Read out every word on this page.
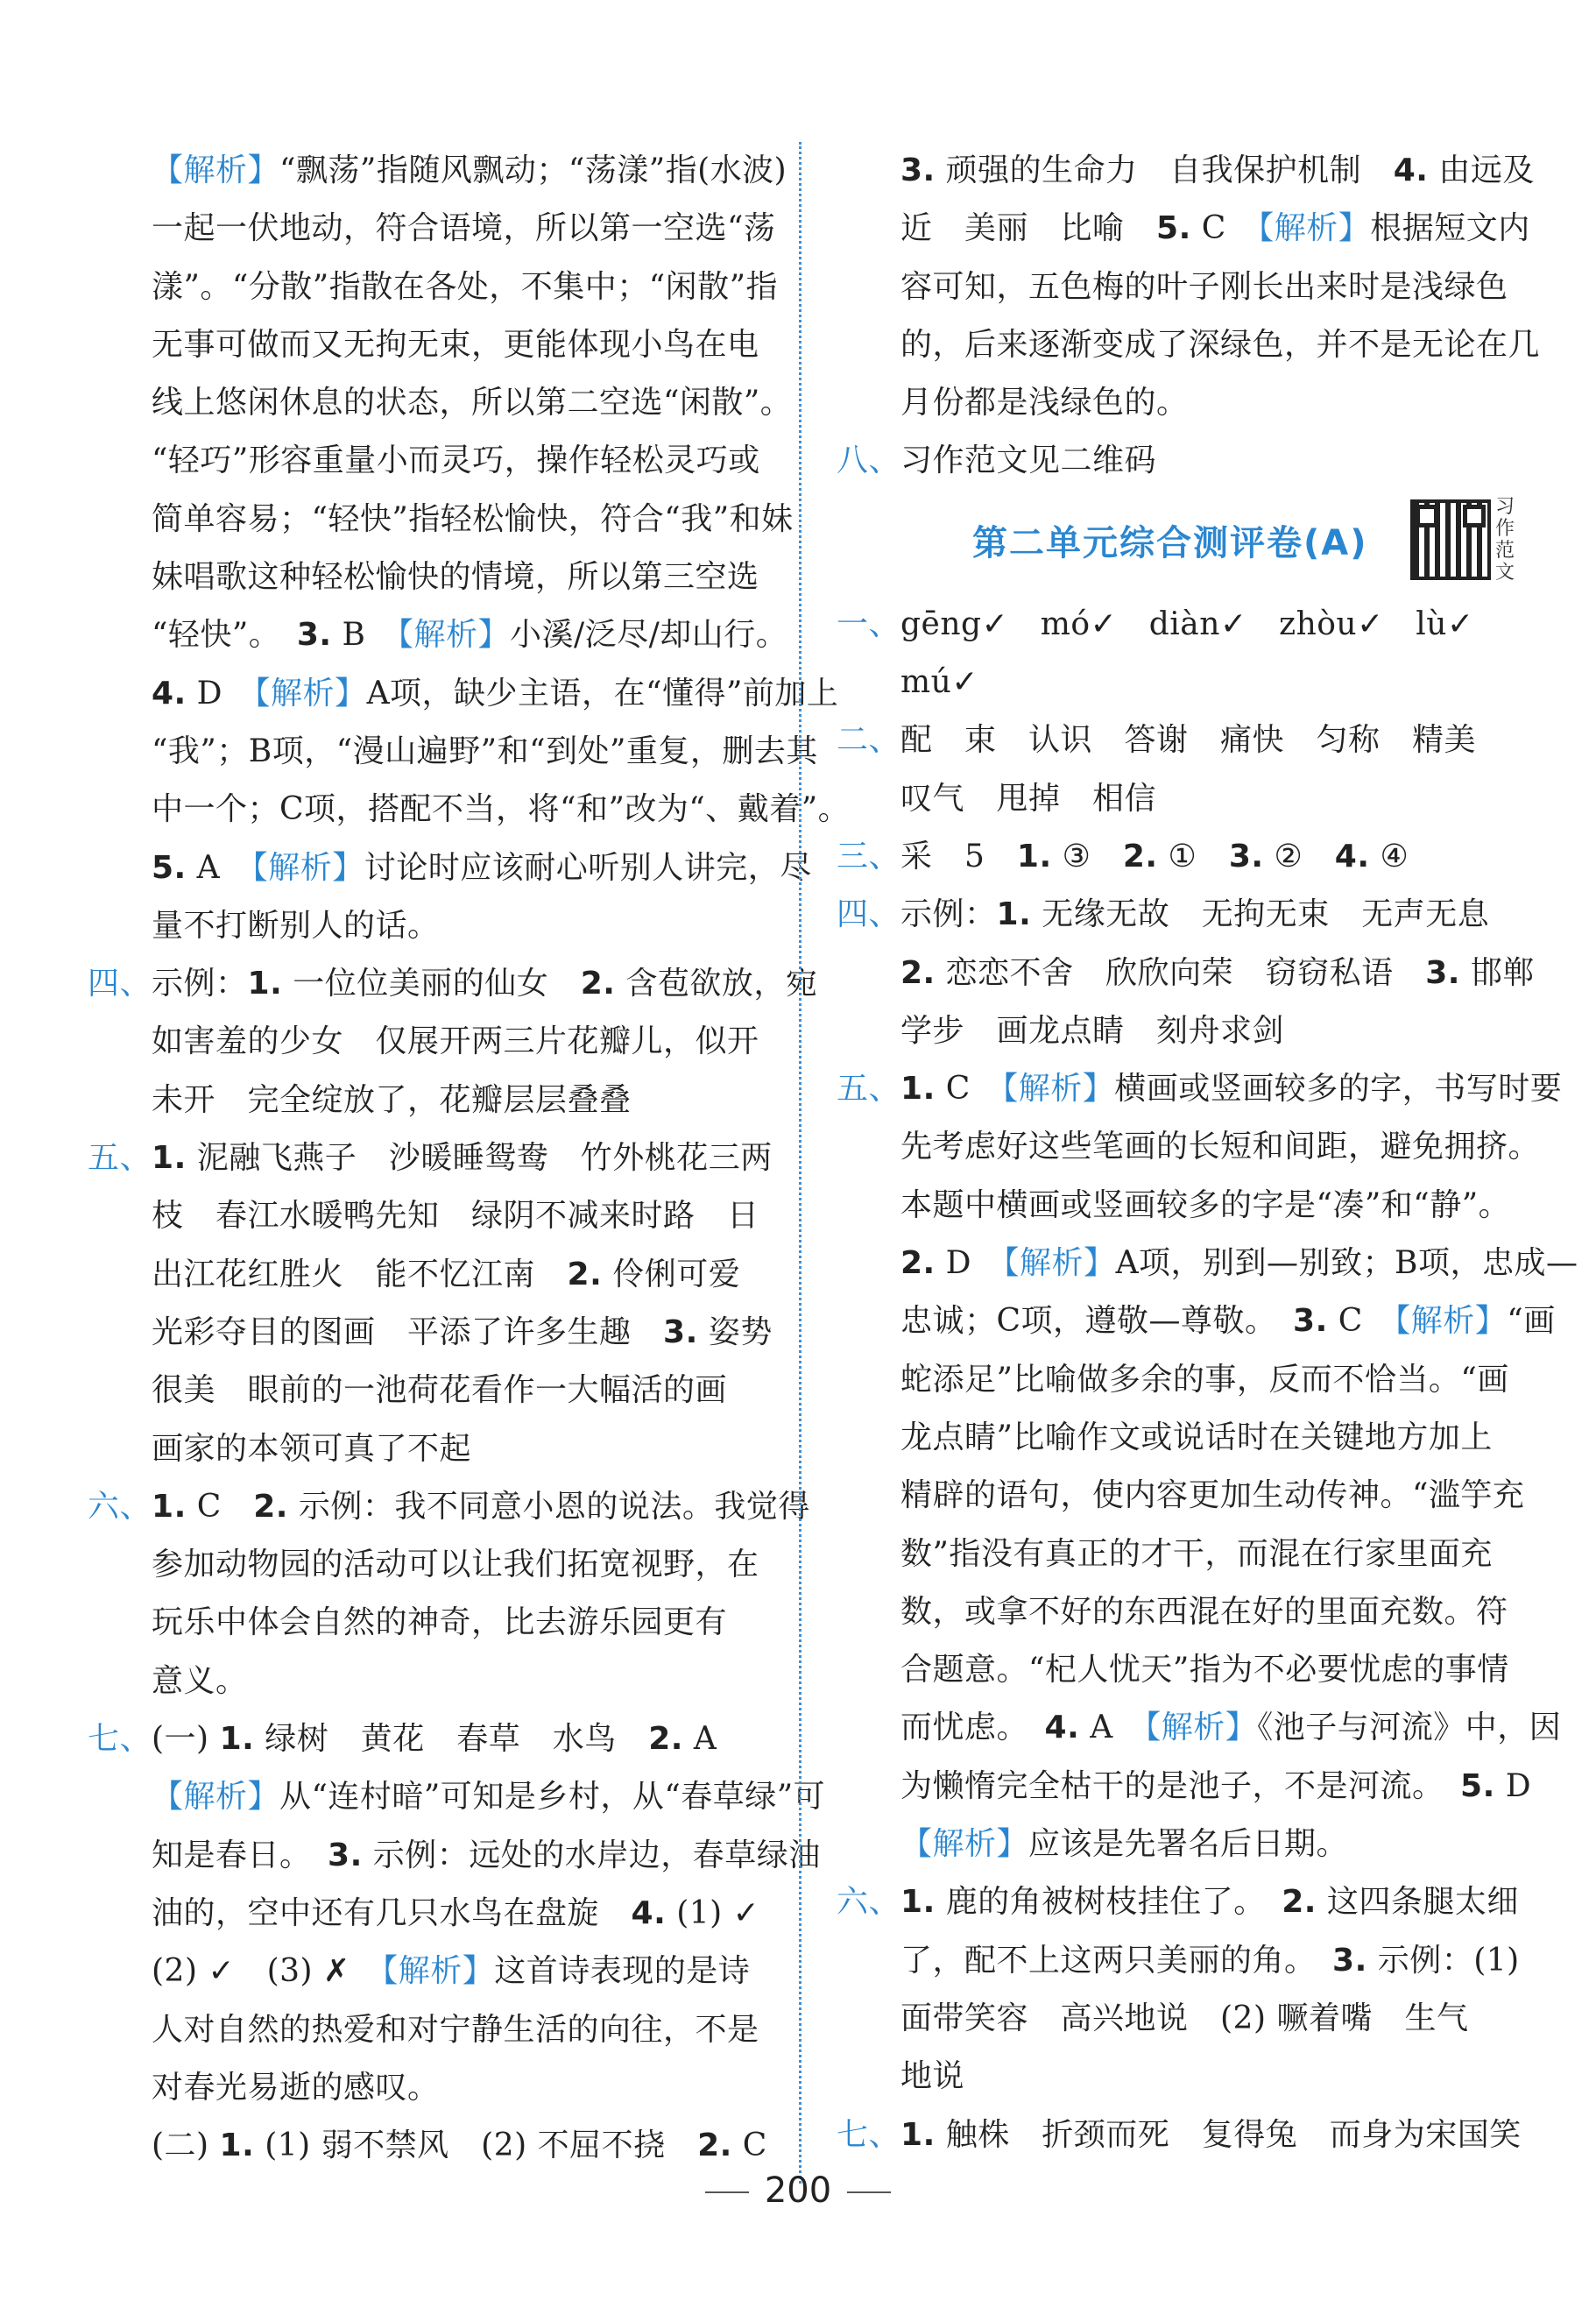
【解析】“飘荡”指随风飘动；“荡漾”指(水波)
一起一伏地动，符合语境，所以第一空选“荡
漾”。“分散”指散在各处，不集中；“闲散”指
无事可做而又无拘无束，更能体现小鸟在电
线上悠闲休息的状态，所以第二空选“闲散”。
“轻巧”形容重量小而灵巧，操作轻松灵巧或
简单容易；“轻快”指轻松愉快，符合“我”和妹
妹唱歌这种轻松愉快的情境，所以第三空选
“轻快”。　3. B　【解析】小溪/泛尽/却山行。
4. D　【解析】A项，缺少主语，在“懂得”前加上
“我”；B项，“漫山遍野”和“到处”重复，删去其
中一个；C项，搭配不当，将“和”改为“、戴着”。
5. A　【解析】讨论时应该耐心听别人讲完，尽
量不打断别人的话。
四、示例：1. 一位位美丽的仙女　2. 含苞欲放，宛
如害羞的少女　仅展开两三片花瓣儿，似开
未开　完全绽放了，花瓣层层叠叠
五、1. 泥融飞燕子　沙暖睡鸳鸯　竹外桃花三两
枝　春江水暖鸭先知　绿阴不减来时路　日
出江花红胜火　能不忆江南　2. 伶俐可爱
光彩夺目的图画　平添了许多生趣　3. 姿势
很美　眼前的一池荷花看作一大幅活的画
画家的本领可真了不起
六、1. C　2. 示例：我不同意小恩的说法。我觉得
参加动物园的活动可以让我们拓宽视野，在
玩乐中体会自然的神奇，比去游乐园更有
意义。
七、(一) 1. 绿树　黄花　春草　水鸟　2. A
【解析】从“连村暗”可知是乡村，从“春草绿”可
知是春日。　3. 示例：远处的水岸边，春草绿油
油的，空中还有几只水鸟在盘旋　4. (1) ✓
(2) ✓　(3) ✗　【解析】这首诗表现的是诗
人对自然的热爱和对宁静生活的向往，不是
对春光易逝的感叹。
(二) 1. (1) 弱不禁风　(2) 不屈不挠　2. C
3. 顽强的生命力　自我保护机制　4. 由远及
近　美丽　比喻　5. C　【解析】根据短文内
容可知，五色梅的叶子刚长出来时是浅绿色
的，后来逐渐变成了深绿色，并不是无论在几
月份都是浅绿色的。
八、习作范文见二维码
第二单元综合测评卷(A)
习作范文
一、gēng✓　mó✓　diàn✓　zhòu✓　lù✓
mú✓
二、配　束　认识　答谢　痛快　匀称　精美
叹气　甩掉　相信
三、采　5　1. ③　2. ①　3. ②　4. ④
四、示例：1. 无缘无故　无拘无束　无声无息
2. 恋恋不舍　欣欣向荣　窃窃私语　3. 邯郸
学步　画龙点睛　刻舟求剑
五、1. C　【解析】横画或竖画较多的字，书写时要
先考虑好这些笔画的长短和间距，避免拥挤。
本题中横画或竖画较多的字是“凑”和“静”。
2. D　【解析】A项，别到—别致；B项，忠成—
忠诚；C项，遵敬—尊敬。　3. C　【解析】“画
蛇添足”比喻做多余的事，反而不恰当。“画
龙点睛”比喻作文或说话时在关键地方加上
精辟的语句，使内容更加生动传神。“滥竽充
数”指没有真正的才干，而混在行家里面充
数，或拿不好的东西混在好的里面充数。符
合题意。“杞人忧天”指为不必要忧虑的事情
而忧虑。　4. A　【解析】《池子与河流》中，因
为懒惰完全枯干的是池子，不是河流。　5. D
【解析】应该是先署名后日期。
六、1. 鹿的角被树枝挂住了。　2. 这四条腿太细
了，配不上这两只美丽的角。　3. 示例：(1)
面带笑容　高兴地说　(2) 噘着嘴　生气
地说
七、1. 触株　折颈而死　复得兔　而身为宋国笑
200
